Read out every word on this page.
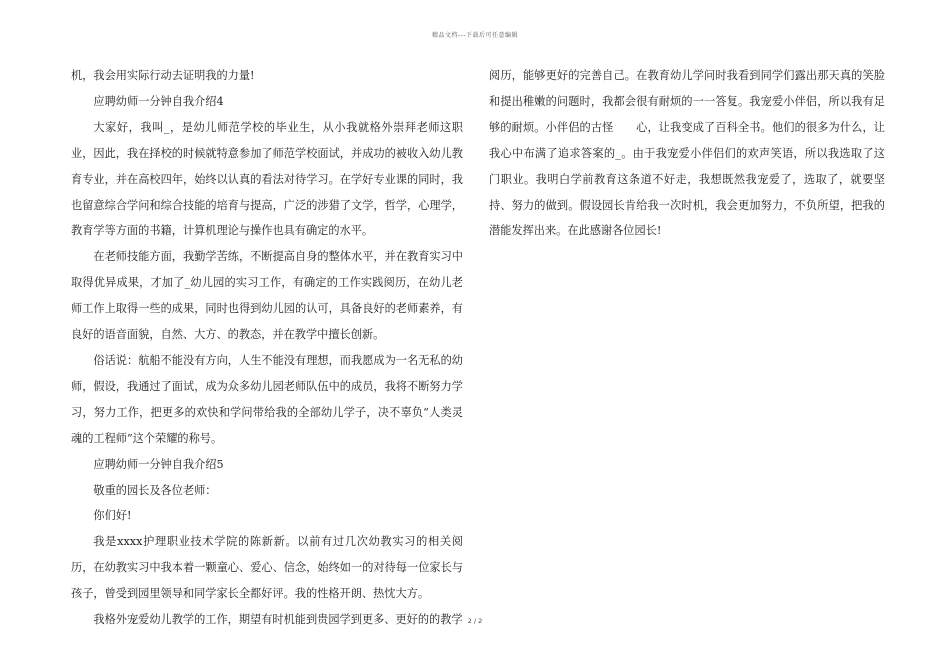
精品文档---下载后可任意编辑

机，我会用实际行动去证明我的力量!

应聘幼师一分钟自我介绍4

大家好，我叫_，是幼儿师范学校的毕业生，从小我就格外崇拜老师这职业，因此，我在择校的时候就特意参加了师范学校面试，并成功的被收入幼儿教育专业，并在高校四年，始终以认真的看法对待学习。在学好专业课的同时，我也留意综合学问和综合技能的培育与提高，广泛的涉猎了文学，哲学，心理学，教育学等方面的书籍，计算机理论与操作也具有确定的水平。

在老师技能方面，我勤学苦练，不断提高自身的整体水平，并在教育实习中取得优异成果，才加了_幼儿园的实习工作，有确定的工作实践阅历，在幼儿老师工作上取得一些的成果，同时也得到幼儿园的认可，具备良好的老师素养，有良好的语音面貌，自然、大方、的教态，并在教学中擅长创新。

俗话说：航船不能没有方向，人生不能没有理想，而我愿成为一名无私的幼师，假设，我通过了面试，成为众多幼儿园老师队伍中的成员，我将不断努力学习，努力工作，把更多的欢快和学问带给我的全部幼儿学子，决不辜负“人类灵魂的工程师”这个荣耀的称号。

应聘幼师一分钟自我介绍5

敬重的园长及各位老师：

你们好!

我是xxxx护理职业技术学院的陈新新。以前有过几次幼教实习的相关阅历，在幼教实习中我本着一颗童心、爱心、信念，始终如一的对待每一位家长与孩子，曾受到园里领导和同学家长全都好评。我的性格开朗、热忱大方。

我格外宠爱幼儿教学的工作，期望有时机能到贵园学到更多、更好的的教学

阅历，能够更好的完善自己。在教育幼儿学问时我看到同学们露出那天真的笑脸和提出稚嫩的问题时，我都会很有耐烦的一一答复。我宠爱小伴侣，所以我有足够的耐烦。小伴侣的古怪　　心，让我变成了百科全书。他们的很多为什么，让我心中布满了追求答案的_。由于我宠爱小伴侣们的欢声笑语，所以我选取了这门职业。我明白学前教育这条道不好走，我想既然我宠爱了，选取了，就要坚持、努力的做到。假设园长肯给我一次时机，我会更加努力，不负所望，把我的潜能发挥出来。在此感谢各位园长!

2 / 2
